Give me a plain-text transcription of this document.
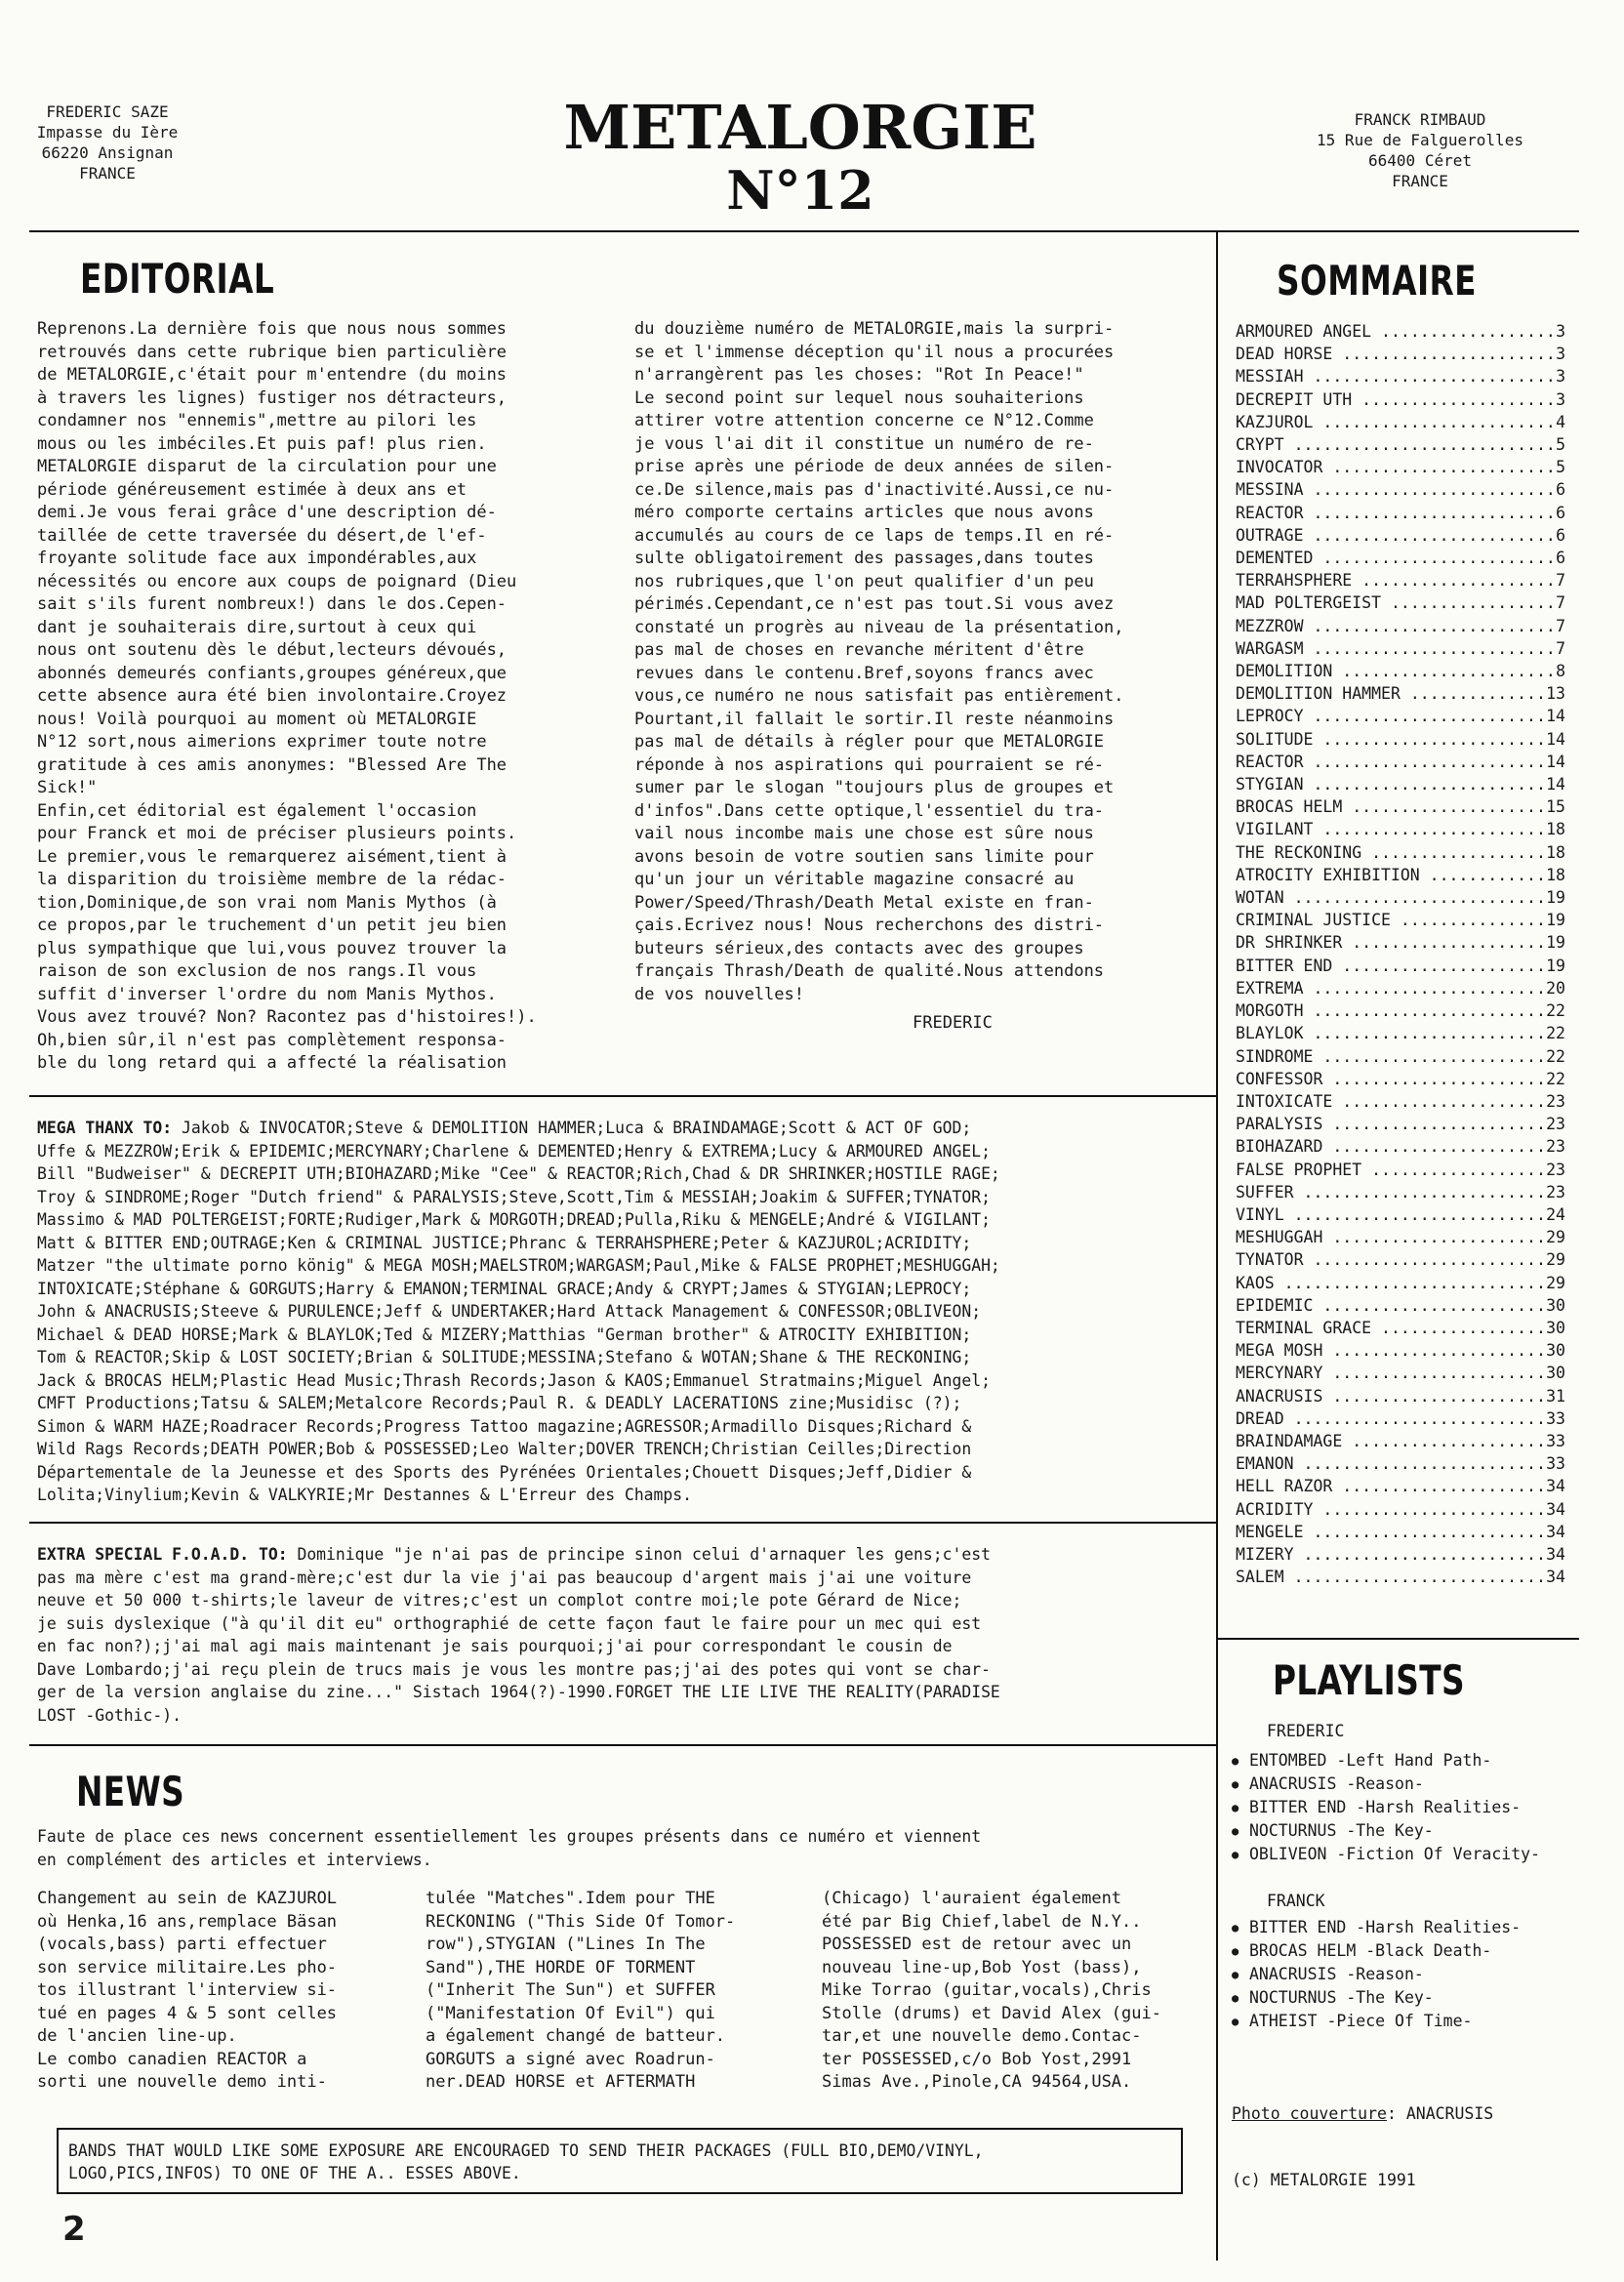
FREDERIC SAZE
Impasse du Ière
66220 Ansignan
FRANCE
METALORGIE
N°12
FRANCK RIMBAUD
15 Rue de Falguerolles
66400 Céret
FRANCE
EDITORIAL

Reprenons.La dernière fois que nous nous sommes
retrouvés dans cette rubrique bien particulière
de METALORGIE,c'était pour m'entendre (du moins
à travers les lignes) fustiger nos détracteurs,
condamner nos "ennemis",mettre au pilori les
mous ou les imbéciles.Et puis paf! plus rien.
METALORGIE disparut de la circulation pour une
période généreusement estimée à deux ans et
demi.Je vous ferai grâce d'une description dé-
taillée de cette traversée du désert,de l'ef-
froyante solitude face aux impondérables,aux
nécessités ou encore aux coups de poignard (Dieu
sait s'ils furent nombreux!) dans le dos.Cepen-
dant je souhaiterais dire,surtout à ceux qui
nous ont soutenu dès le début,lecteurs dévoués,
abonnés demeurés confiants,groupes généreux,que
cette absence aura été bien involontaire.Croyez
nous! Voilà pourquoi au moment où METALORGIE
N°12 sort,nous aimerions exprimer toute notre
gratitude à ces amis anonymes: "Blessed Are The
Sick!"
Enfin,cet éditorial est également l'occasion
pour Franck et moi de préciser plusieurs points.
Le premier,vous le remarquerez aisément,tient à
la disparition du troisième membre de la rédac-
tion,Dominique,de son vrai nom Manis Mythos (à
ce propos,par le truchement d'un petit jeu bien
plus sympathique que lui,vous pouvez trouver la
raison de son exclusion de nos rangs.Il vous
suffit d'inverser l'ordre du nom Manis Mythos.
Vous avez trouvé? Non? Racontez pas d'histoires!).
Oh,bien sûr,il n'est pas complètement responsa-
ble du long retard qui a affecté la réalisation

du douzième numéro de METALORGIE,mais la surpri-
se et l'immense déception qu'il nous a procurées
n'arrangèrent pas les choses: "Rot In Peace!"
Le second point sur lequel nous souhaiterions
attirer votre attention concerne ce N°12.Comme
je vous l'ai dit il constitue un numéro de re-
prise après une période de deux années de silen-
ce.De silence,mais pas d'inactivité.Aussi,ce nu-
méro comporte certains articles que nous avons
accumulés au cours de ce laps de temps.Il en ré-
sulte obligatoirement des passages,dans toutes
nos rubriques,que l'on peut qualifier d'un peu
périmés.Cependant,ce n'est pas tout.Si vous avez
constaté un progrès au niveau de la présentation,
pas mal de choses en revanche méritent d'être
revues dans le contenu.Bref,soyons francs avec
vous,ce numéro ne nous satisfait pas entièrement.
Pourtant,il fallait le sortir.Il reste néanmoins
pas mal de détails à régler pour que METALORGIE
réponde à nos aspirations qui pourraient se ré-
sumer par le slogan "toujours plus de groupes et
d'infos".Dans cette optique,l'essentiel du tra-
vail nous incombe mais une chose est sûre nous
avons besoin de votre soutien sans limite pour
qu'un jour un véritable magazine consacré au
Power/Speed/Thrash/Death Metal existe en fran-
çais.Ecrivez nous! Nous recherchons des distri-
buteurs sérieux,des contacts avec des groupes
français Thrash/Death de qualité.Nous attendons
de vos nouvelles!

FREDERIC

MEGA THANX TO: Jakob & INVOCATOR;Steve & DEMOLITION HAMMER;Luca & BRAINDAMAGE;Scott & ACT OF GOD;
Uffe & MEZZROW;Erik & EPIDEMIC;MERCYNARY;Charlene & DEMENTED;Henry & EXTREMA;Lucy & ARMOURED ANGEL;
Bill "Budweiser" & DECREPIT UTH;BIOHAZARD;Mike "Cee" & REACTOR;Rich,Chad & DR SHRINKER;HOSTILE RAGE;
Troy & SINDROME;Roger "Dutch friend" & PARALYSIS;Steve,Scott,Tim & MESSIAH;Joakim & SUFFER;TYNATOR;
Massimo & MAD POLTERGEIST;FORTE;Rudiger,Mark & MORGOTH;DREAD;Pulla,Riku & MENGELE;André & VIGILANT;
Matt & BITTER END;OUTRAGE;Ken & CRIMINAL JUSTICE;Phranc & TERRAHSPHERE;Peter & KAZJUROL;ACRIDITY;
Matzer "the ultimate porno könig" & MEGA MOSH;MAELSTROM;WARGASM;Paul,Mike & FALSE PROPHET;MESHUGGAH;
INTOXICATE;Stéphane & GORGUTS;Harry & EMANON;TERMINAL GRACE;Andy & CRYPT;James & STYGIAN;LEPROCY;
John & ANACRUSIS;Steeve & PURULENCE;Jeff & UNDERTAKER;Hard Attack Management & CONFESSOR;OBLIVEON;
Michael & DEAD HORSE;Mark & BLAYLOK;Ted & MIZERY;Matthias "German brother" & ATROCITY EXHIBITION;
Tom & REACTOR;Skip & LOST SOCIETY;Brian & SOLITUDE;MESSINA;Stefano & WOTAN;Shane & THE RECKONING;
Jack & BROCAS HELM;Plastic Head Music;Thrash Records;Jason & KAOS;Emmanuel Stratmains;Miguel Angel;
CMFT Productions;Tatsu & SALEM;Metalcore Records;Paul R. & DEADLY LACERATIONS zine;Musidisc (?);
Simon & WARM HAZE;Roadracer Records;Progress Tattoo magazine;AGRESSOR;Armadillo Disques;Richard &
Wild Rags Records;DEATH POWER;Bob & POSSESSED;Leo Walter;DOVER TRENCH;Christian Ceilles;Direction
Départementale de la Jeunesse et des Sports des Pyrénées Orientales;Chouett Disques;Jeff,Didier &
Lolita;Vinylium;Kevin & VALKYRIE;Mr Destannes & L'Erreur des Champs.

EXTRA SPECIAL F.O.A.D. TO: Dominique "je n'ai pas de principe sinon celui d'arnaquer les gens;c'est
pas ma mère c'est ma grand-mère;c'est dur la vie j'ai pas beaucoup d'argent mais j'ai une voiture
neuve et 50 000 t-shirts;le laveur de vitres;c'est un complot contre moi;le pote Gérard de Nice;
je suis dyslexique ("à qu'il dit eu" orthographié de cette façon faut le faire pour un mec qui est
en fac non?);j'ai mal agi mais maintenant je sais pourquoi;j'ai pour correspondant le cousin de
Dave Lombardo;j'ai reçu plein de trucs mais je vous les montre pas;j'ai des potes qui vont se char-
ger de la version anglaise du zine..." Sistach 1964(?)-1990.FORGET THE LIE LIVE THE REALITY(PARADISE
LOST -Gothic-).

NEWS

Faute de place ces news concernent essentiellement les groupes présents dans ce numéro et viennent
en complément des articles et interviews.

Changement au sein de KAZJUROL
où Henka,16 ans,remplace Bäsan
(vocals,bass) parti effectuer
son service militaire.Les pho-
tos illustrant l'interview si-
tué en pages 4 & 5 sont celles
de l'ancien line-up.
Le combo canadien REACTOR a
sorti une nouvelle demo inti-

tulée "Matches".Idem pour THE
RECKONING ("This Side Of Tomor-
row"),STYGIAN ("Lines In The
Sand"),THE HORDE OF TORMENT
("Inherit The Sun") et SUFFER
("Manifestation Of Evil") qui
a également changé de batteur.
GORGUTS a signé avec Roadrun-
ner.DEAD HORSE et AFTERMATH

(Chicago) l'auraient également
été par Big Chief,label de N.Y..
POSSESSED est de retour avec un
nouveau line-up,Bob Yost (bass),
Mike Torrao (guitar,vocals),Chris
Stolle (drums) et David Alex (gui-
tar,et une nouvelle demo.Contac-
ter POSSESSED,c/o Bob Yost,2991
Simas Ave.,Pinole,CA 94564,USA.

BANDS THAT WOULD LIKE SOME EXPOSURE ARE ENCOURAGED TO SEND THEIR PACKAGES (FULL BIO,DEMO/VINYL,
LOGO,PICS,INFOS) TO ONE OF THE A.. ESSES ABOVE.

2
SOMMAIRE
ARMOURED ANGEL .....	3
DEAD HORSE .....	3
MESSIAH .....	3
DECREPIT UTH .....	3
KAZJUROL .....	4
CRYPT .....	5
INVOCATOR .....	5
MESSINA .....	6
REACTOR .....	6
OUTRAGE .....	6
DEMENTED .....	6
TERRAHSPHERE .....	7
MAD POLTERGEIST .....	7
MEZZROW .....	7
WARGASM .....	7
DEMOLITION .....	8
DEMOLITION HAMMER .....	13
LEPROCY .....	14
SOLITUDE .....	14
REACTOR .....	14
STYGIAN .....	14
BROCAS HELM .....	15
VIGILANT .....	18
THE RECKONING .....	18
ATROCITY EXHIBITION .....	18
WOTAN .....	19
CRIMINAL JUSTICE .....	19
DR SHRINKER .....	19
BITTER END .....	19
EXTREMA .....	20
MORGOTH .....	22
BLAYLOK .....	22
SINDROME .....	22
CONFESSOR .....	22
INTOXICATE .....	23
PARALYSIS .....	23
BIOHAZARD .....	23
FALSE PROPHET .....	23
SUFFER .....	23
VINYL .....	24
MESHUGGAH .....	29
TYNATOR .....	29
KAOS .....	29
EPIDEMIC .....	30
TERMINAL GRACE .....	30
MEGA MOSH .....	30
MERCYNARY .....	30
ANACRUSIS .....	31
DREAD .....	33
BRAINDAMAGE .....	33
EMANON .....	33
HELL RAZOR .....	34
ACRIDITY .....	34
MENGELE .....	34
MIZERY .....	34
SALEM .....	34
PLAYLISTS
FREDERIC
● ENTOMBED -Left Hand Path-
● ANACRUSIS -Reason-
● BITTER END -Harsh Realities-
● NOCTURNUS -The Key-
● OBLIVEON -Fiction Of Veracity-
FRANCK
● BITTER END -Harsh Realities-
● BROCAS HELM -Black Death-
● ANACRUSIS -Reason-
● NOCTURNUS -The Key-
● ATHEIST -Piece Of Time-
Photo couverture: ANACRUSIS
(c) METALORGIE 1991
